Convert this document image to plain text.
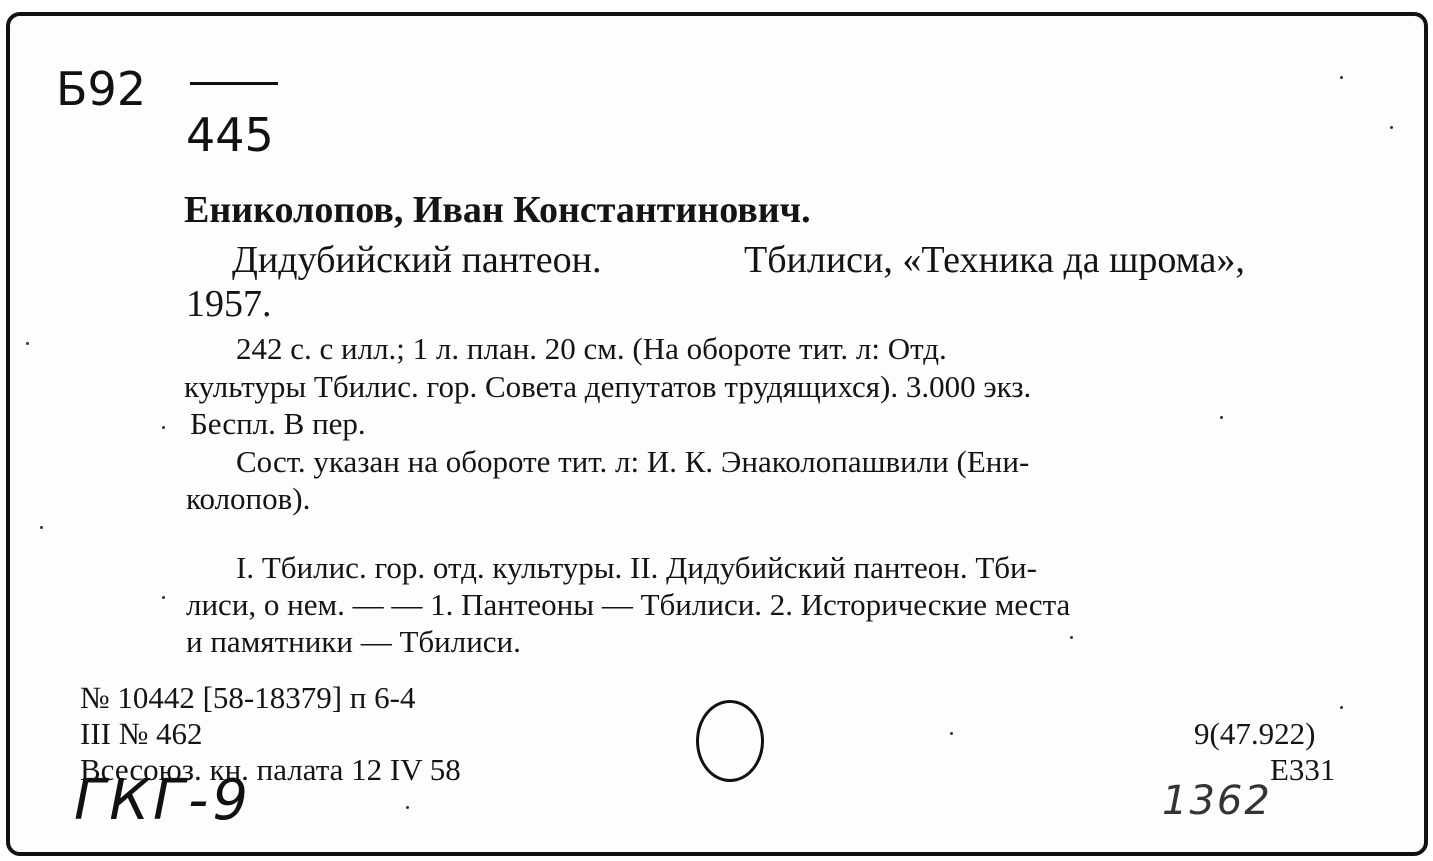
Б92
445
Ениколопов, Иван Константинович.
Дидубийский пантеон.	Тбилиси, «Техника да шрома»,
1957.
242 с. с илл.; 1 л. план. 20 см. (На обороте тит. л: Отд.
культуры Тбилис. гор. Совета депутатов трудящихся). 3.000 экз.
Беспл. В пер.
Сост. указан на обороте тит. л: И. К. Энаколопашвили (Ени-
колопов).
I. Тбилис. гор. отд. культуры. II. Дидубийский пантеон. Тби-
лиси, о нем. — — 1. Пантеоны — Тбилиси. 2. Исторические места
и памятники — Тбилиси.
№ 10442 [58-18379] п 6-4
III № 462
Всесоюз. кн. палата 12 IV 58
9(47.922)
Е331
ГКГ-9	1362
